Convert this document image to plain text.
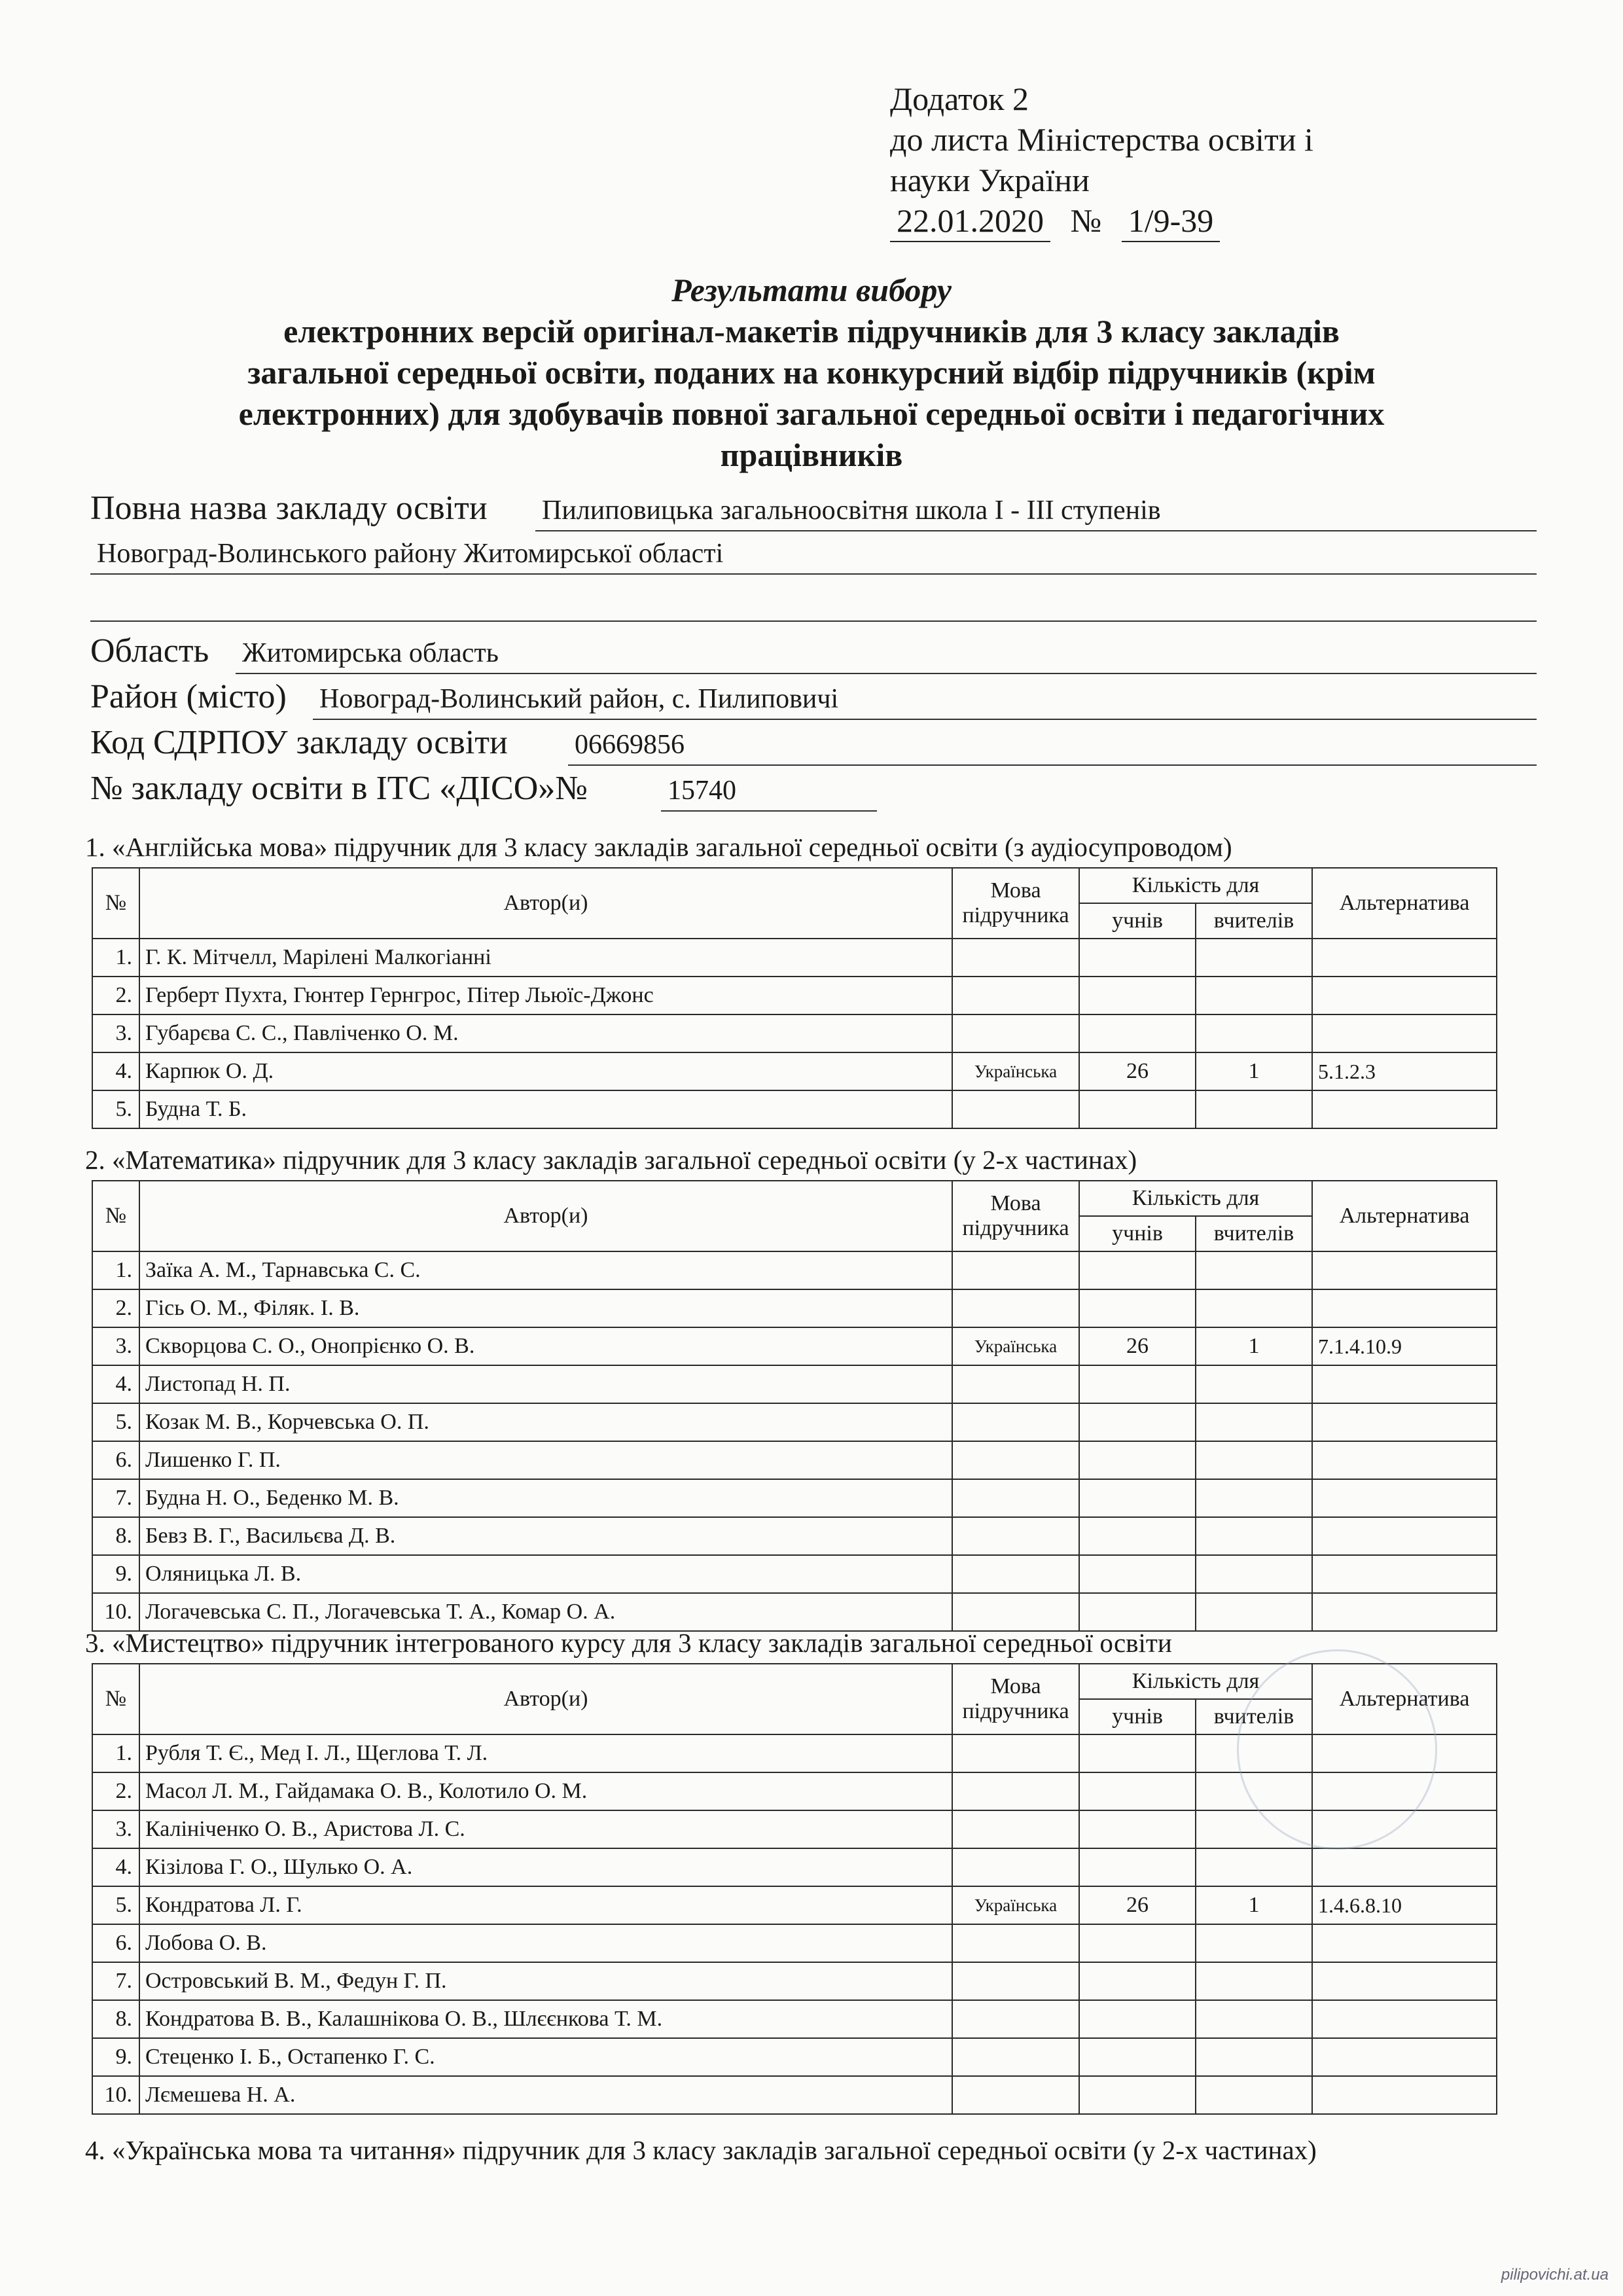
Додаток 2
до листа Міністерства освіти і
науки України
22.01.2020 № 1/9-39
Результати вибору
електронних версій оригінал-макетів підручників для 3 класу закладів
загальної середньої освіти, поданих на конкурсний відбір підручників (крім
електронних) для здобувачів повної загальної середньої освіти і педагогічних
працівників
Повна назва закладу освіти Пилиповицька загальноосвітня школа І - ІІІ ступенів
Новоград-Волинського району Житомирської області
Область Житомирська область
Район (місто) Новоград-Волинський район, с. Пилиповичі
Код СДРПОУ закладу освіти 06669856
№ закладу освіти в ІТС «ДІСО»№	15740
1. «Англійська мова» підручник для 3 класу закладів загальної середньої освіти (з аудіосупроводом)
№	Автор(и)	Мова підручника	Кількість для		Альтернатива
			учнів	вчителів	
1.	Г. К. Мітчелл, Марілені Малкогіанні				
2.	Герберт Пухта, Гюнтер Гернгрос, Пітер Льюїс-Джонс				
3.	Губарєва С. С., Павліченко О. М.				
4.	Карпюк О. Д.	Українська	26	1	5.1.2.3
5.	Будна Т. Б.				
2. «Математика» підручник для 3 класу закладів загальної середньої освіти (у 2-х частинах)
№	Автор(и)	Мова підручника	Кількість для		Альтернатива
			учнів	вчителів	
1.	Заїка А. М., Тарнавська С. С.				
2.	Гісь О. М., Філяк. І. В.				
3.	Скворцова С. О., Онопрієнко О. В.	Українська	26	1	7.1.4.10.9
4.	Листопад Н. П.				
5.	Козак М. В., Корчевська О. П.				
6.	Лишенко Г. П.				
7.	Будна Н. О., Беденко М. В.				
8.	Бевз В. Г., Васильєва Д. В.				
9.	Оляницька Л. В.				
10.	Логачевська С. П., Логачевська Т. А., Комар О. А.				
3. «Мистецтво» підручник інтегрованого курсу для 3 класу закладів загальної середньої освіти
№	Автор(и)	Мова підручника	Кількість для		Альтернатива
			учнів	вчителів	
1.	Рубля Т. Є., Мед І. Л., Щеглова Т. Л.				
2.	Масол Л. М., Гайдамака О. В., Колотило О. М.				
3.	Калініченко О. В., Аристова Л. С.				
4.	Кізілова Г. О., Шулько О. А.				
5.	Кондратова Л. Г.	Українська	26	1	1.4.6.8.10
6.	Лобова О. В.				
7.	Островський В. М., Федун Г. П.				
8.	Кондратова В. В., Калашнікова О. В., Шлєєнкова Т. М.				
9.	Стеценко І. Б., Остапенко Г. С.				
10.	Лємешева Н. А.				
4. «Українська мова та читання» підручник для 3 класу закладів загальної середньої освіти (у 2-х частинах)
pilipovichi.at.ua
